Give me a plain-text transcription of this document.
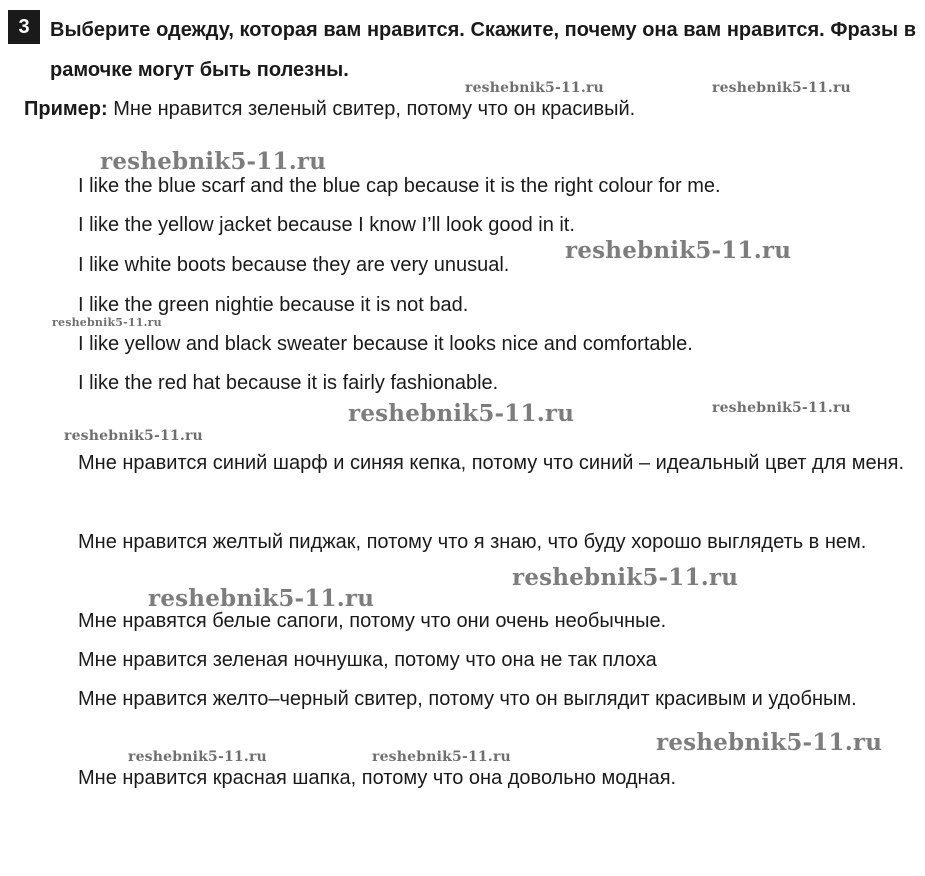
3	Выберите одежду, которая вам нравится. Скажите, почему она вам нравится. Фразы в рамочке могут быть полезны.
Пример: Мне нравится зеленый свитер, потому что он красивый.
I like the blue scarf and the blue cap because it is the right colour for me.
I like the yellow jacket because I know I’ll look good in it.
I like white boots because they are very unusual.
I like the green nightie because it is not bad.
I like yellow and black sweater because it looks nice and comfortable.
I like the red hat because it is fairly fashionable.
Мне нравится синий шарф и синяя кепка, потому что синий – идеальный цвет для меня.
Мне нравится желтый пиджак, потому что я знаю, что буду хорошо выглядеть в нем.
Мне нравятся белые сапоги, потому что они очень необычные.
Мне нравится зеленая ночнушка, потому что она не так плоха
Мне нравится желто–черный свитер, потому что он выглядит красивым и удобным.
Мне нравится красная шапка, потому что она довольно модная.
reshebnik5-11.ru	reshebnik5-11.ru
reshebnik5-11.ru
reshebnik5-11.ru
reshebnik5-11.ru
reshebnik5-11.ru	reshebnik5-11.ru
reshebnik5-11.ru
reshebnik5-11.ru
reshebnik5-11.ru
reshebnik5-11.ru
reshebnik5-11.ru	reshebnik5-11.ru
